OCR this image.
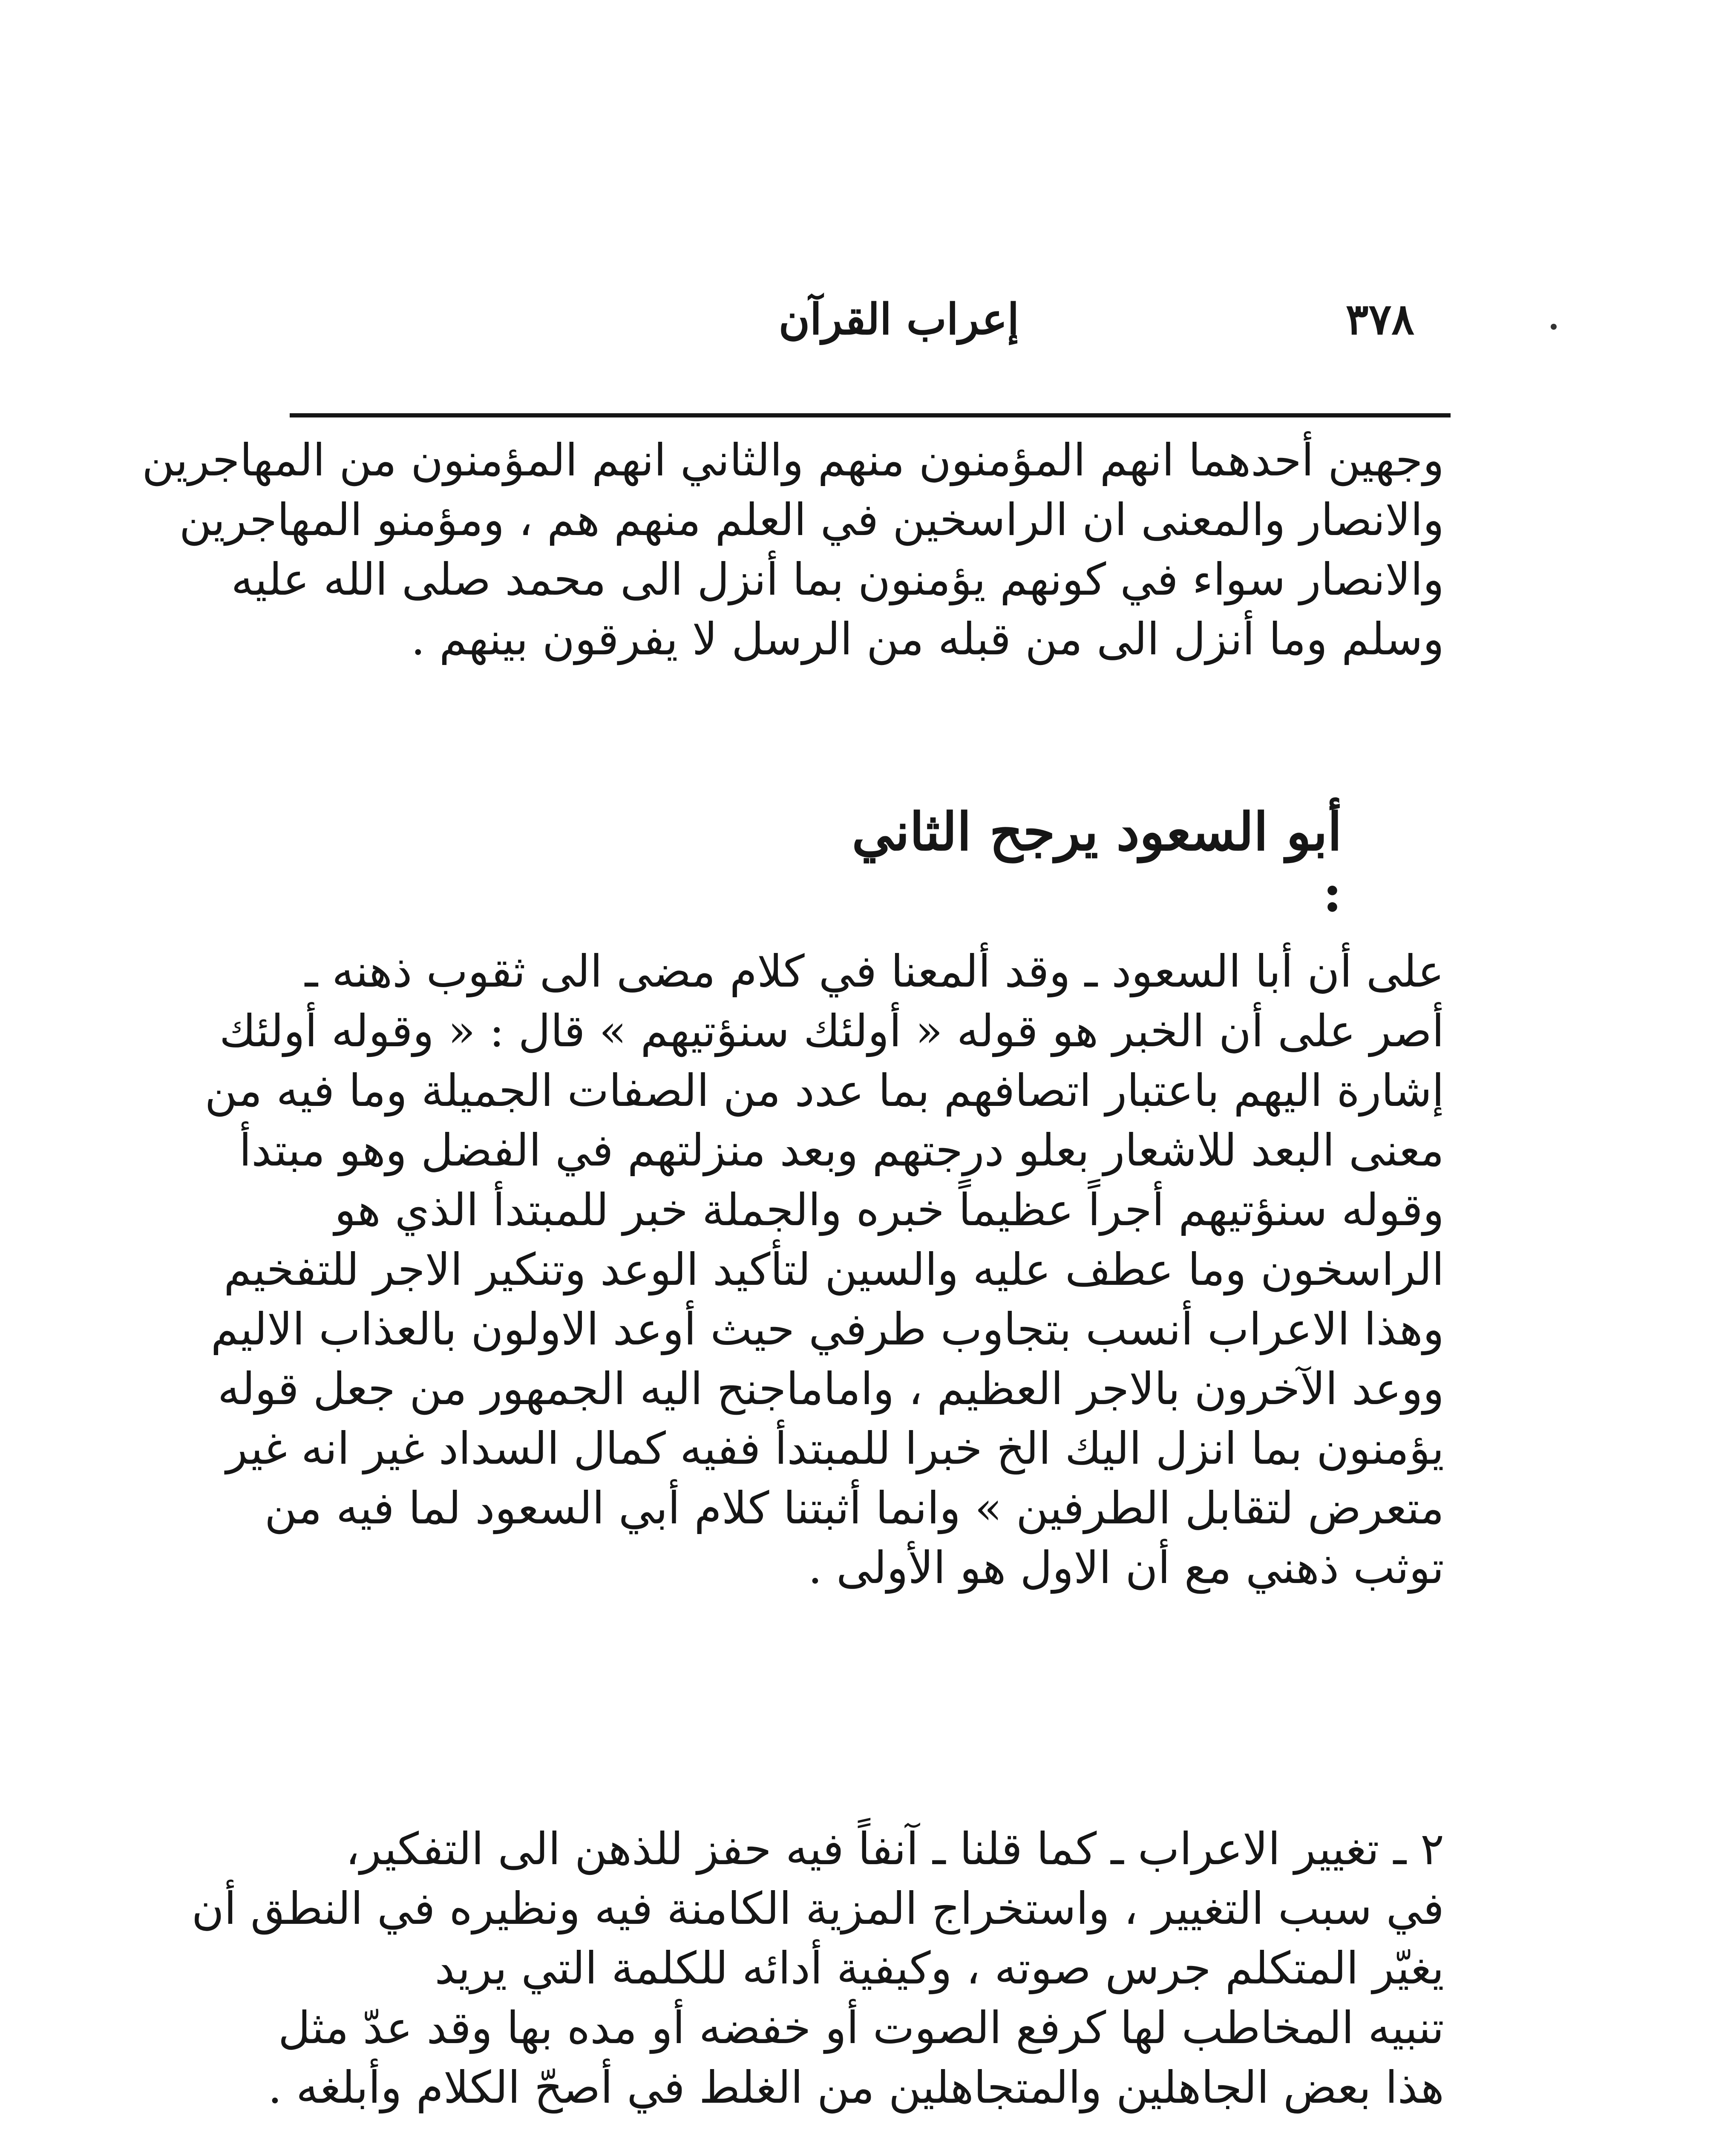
٣٧٨
إعراب القرآن
وجهين أحدهما انهم المؤمنون منهم والثاني انهم المؤمنون من المهاجرين
والانصار والمعنى ان الراسخين في العلم منهم هم ، ومؤمنو المهاجرين
والانصار سواء في كونهم يؤمنون بما أنزل الى محمد صلى الله عليه
وسلم وما أنزل الى من قبله من الرسل لا يفرقون بينهم .
أبو السعود يرجح الثاني :
على أن أبا السعود ـ وقد ألمعنا في كلام مضى الى ثقوب ذهنه ـ
أصر على أن الخبر هو قوله « أولئك سنؤتيهم » قال : « وقوله أولئك
إشارة اليهم باعتبار اتصافهم بما عدد من الصفات الجميلة وما فيه من
معنى البعد للاشعار بعلو درجتهم وبعد منزلتهم في الفضل وهو مبتدأ
وقوله سنؤتيهم أجراً عظيماً خبره والجملة خبر للمبتدأ الذي هو
الراسخون وما عطف عليه والسين لتأكيد الوعد وتنكير الاجر للتفخيم
وهذا الاعراب أنسب بتجاوب طرفي حيث أوعد الاولون بالعذاب الاليم
ووعد الآخرون بالاجر العظيم ، واماماجنح اليه الجمهور من جعل قوله
يؤمنون بما انزل اليك الخ خبرا للمبتدأ ففيه كمال السداد غير انه غير
متعرض لتقابل الطرفين » وانما أثبتنا كلام أبي السعود لما فيه من
توثب ذهني مع أن الاول هو الأولى .
٢ ـ تغيير الاعراب ـ كما قلنا ـ آنفاً فيه حفز للذهن الى التفكير،
في سبب التغيير ، واستخراج المزية الكامنة فيه ونظيره في النطق أن
يغيّر المتكلم جرس صوته ، وكيفية أدائه للكلمة التي يريد
تنبيه المخاطب لها كرفع الصوت أو خفضه أو مده بها وقد عدّ مثل
هذا بعض الجاهلين والمتجاهلين من الغلط في أصحّ الكلام وأبلغه .
